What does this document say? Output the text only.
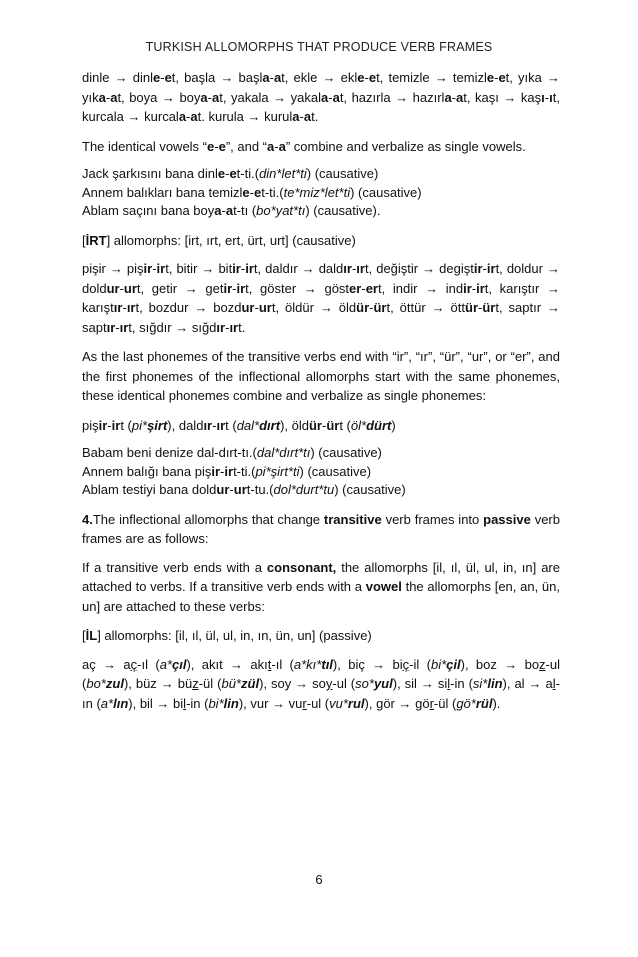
TURKISH ALLOMORPHS THAT PRODUCE VERB FRAMES
dinle → dinle-et, başla → başla-at, ekle → ekle-et, temizle → temizle-et, yıka → yıka-at, boya → boya-at, yakala → yakala-at, hazırla → hazırla-at, kaşı → kaşı-ıt, kurcala → kurcala-at. kurula → kurula-at.
The identical vowels “e-e”, and “a-a” combine and verbalize as single vowels.
Jack şarkısını bana dinle-et-ti.(din*let*ti) (causative)
Annem balıkları bana temizle-et-ti.(te*miz*let*ti) (causative)
Ablam saçını bana boya-at-tı (bo*yat*tı) (causative).
[İRT] allomorphs: [irt, ırt, ert, ürt, urt] (causative)
pişir → pişir-irt, bitir → bitir-irt, daldır → daldır-ırt, değiştir → degiştir-irt, doldur → doldur-urt, getir → getir-irt, göster → göster-ert, indir → indir-irt, karıştır → karıştır-ırt, bozdur → bozdur-urt, öldür → öldür-ürt, öttür → öttür-ürt, saptır → saptır-ırt, sığdır → sığdır-ırt.
As the last phonemes of the transitive verbs end with “ir”, “ır”, “ür”, “ur”, or “er”, and the first phonemes of the inflectional allomorphs start with the same phonemes, these identical phonemes combine and verbalize as single phonemes:
pişir-irt (pi*şirt), daldır-ırt (dal*dırt), öldür-ürt (öl*dürt)
Babam beni denize dal-dırt-tı.(dal*dırt*tı) (causative)
Annem balığı bana pişir-irt-ti.(pi*şirt*ti) (causative)
Ablam testiyi bana doldur-urt-tu.(dol*durt*tu) (causative)
4.The inflectional allomorphs that change transitive verb frames into passive verb frames are as follows:
If a transitive verb ends with a consonant, the allomorphs [il, ıl, ül, ul, in, ın] are attached to verbs. If a transitive verb ends with a vowel the allomorphs [en, an, ün, un] are attached to these verbs:
[İL] allomorphs: [il, ıl, ül, ul, in, ın, ün, un] (passive)
aç → aç-ıl (a*çıl), akıt → akıt-ıl (a*kı*tıl), biç → biç-il (bi*çil), boz → boz-ul (bo*zul), büz → büz-ül (bü*zül), soy → soy-ul (so*yul), sil → sil-in (si*lin), al → al-ın (a*lın), bil → bil-in (bi*lin), vur → vur-ul (vu*rul), gör → gör-ül (gö*rül).
6
